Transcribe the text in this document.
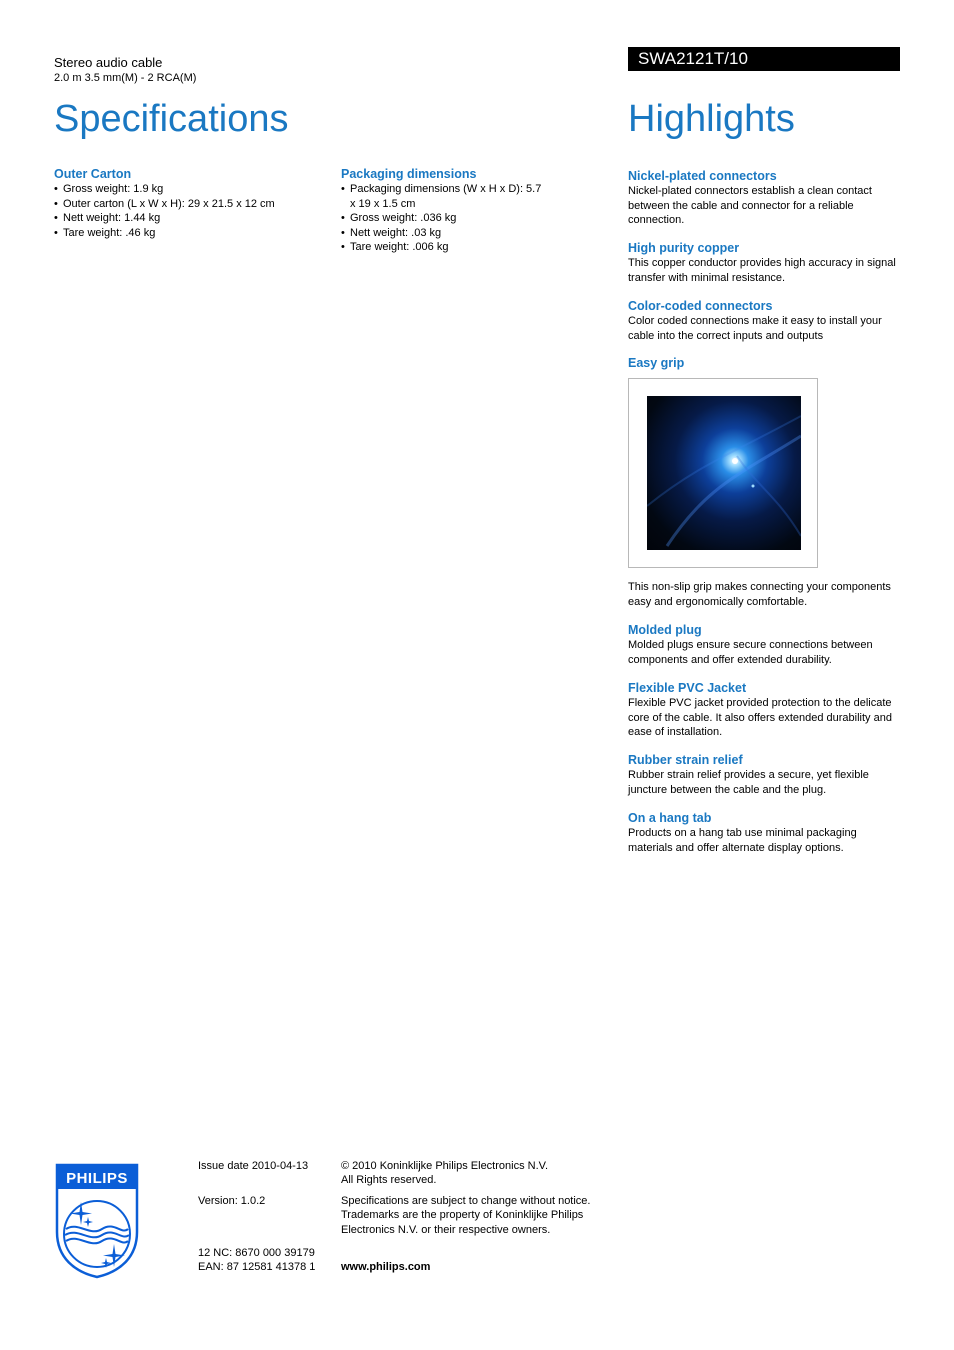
Stereo audio cable
2.0 m 3.5 mm(M) - 2 RCA(M)
Specifications
SWA2121T/10
Highlights
Outer Carton
• Gross weight: 1.9 kg
• Outer carton (L x W x H): 29 x 21.5 x 12 cm
• Nett weight: 1.44 kg
• Tare weight: .46 kg
Packaging dimensions
• Packaging dimensions (W x H x D): 5.7 x 19 x 1.5 cm
• Gross weight: .036 kg
• Nett weight: .03 kg
• Tare weight: .006 kg
Nickel-plated connectors

Nickel-plated connectors establish a clean contact between the cable and connector for a reliable connection.

High purity copper

This copper conductor provides high accuracy in signal transfer with minimal resistance.

Color-coded connectors

Color coded connections make it easy to install your cable into the correct inputs and outputs

Easy grip

This non-slip grip makes connecting your components easy and ergonomically comfortable.

Molded plug

Molded plugs ensure secure connections between components and offer extended durability.

Flexible PVC Jacket

Flexible PVC jacket provided protection to the delicate core of the cable. It also offers extended durability and ease of installation.

Rubber strain relief

Rubber strain relief provides a secure, yet flexible juncture between the cable and the plug.

On a hang tab

Products on a hang tab use minimal packaging materials and offer alternate display options.

PHILIPS
Issue date 2010-04-13
Version: 1.0.2
12 NC: 8670 000 39179
EAN: 87 12581 41378 1
© 2010 Koninklijke Philips Electronics N.V.
All Rights reserved.
Specifications are subject to change without notice.
Trademarks are the property of Koninklijke Philips
Electronics N.V. or their respective owners.
www.philips.com
